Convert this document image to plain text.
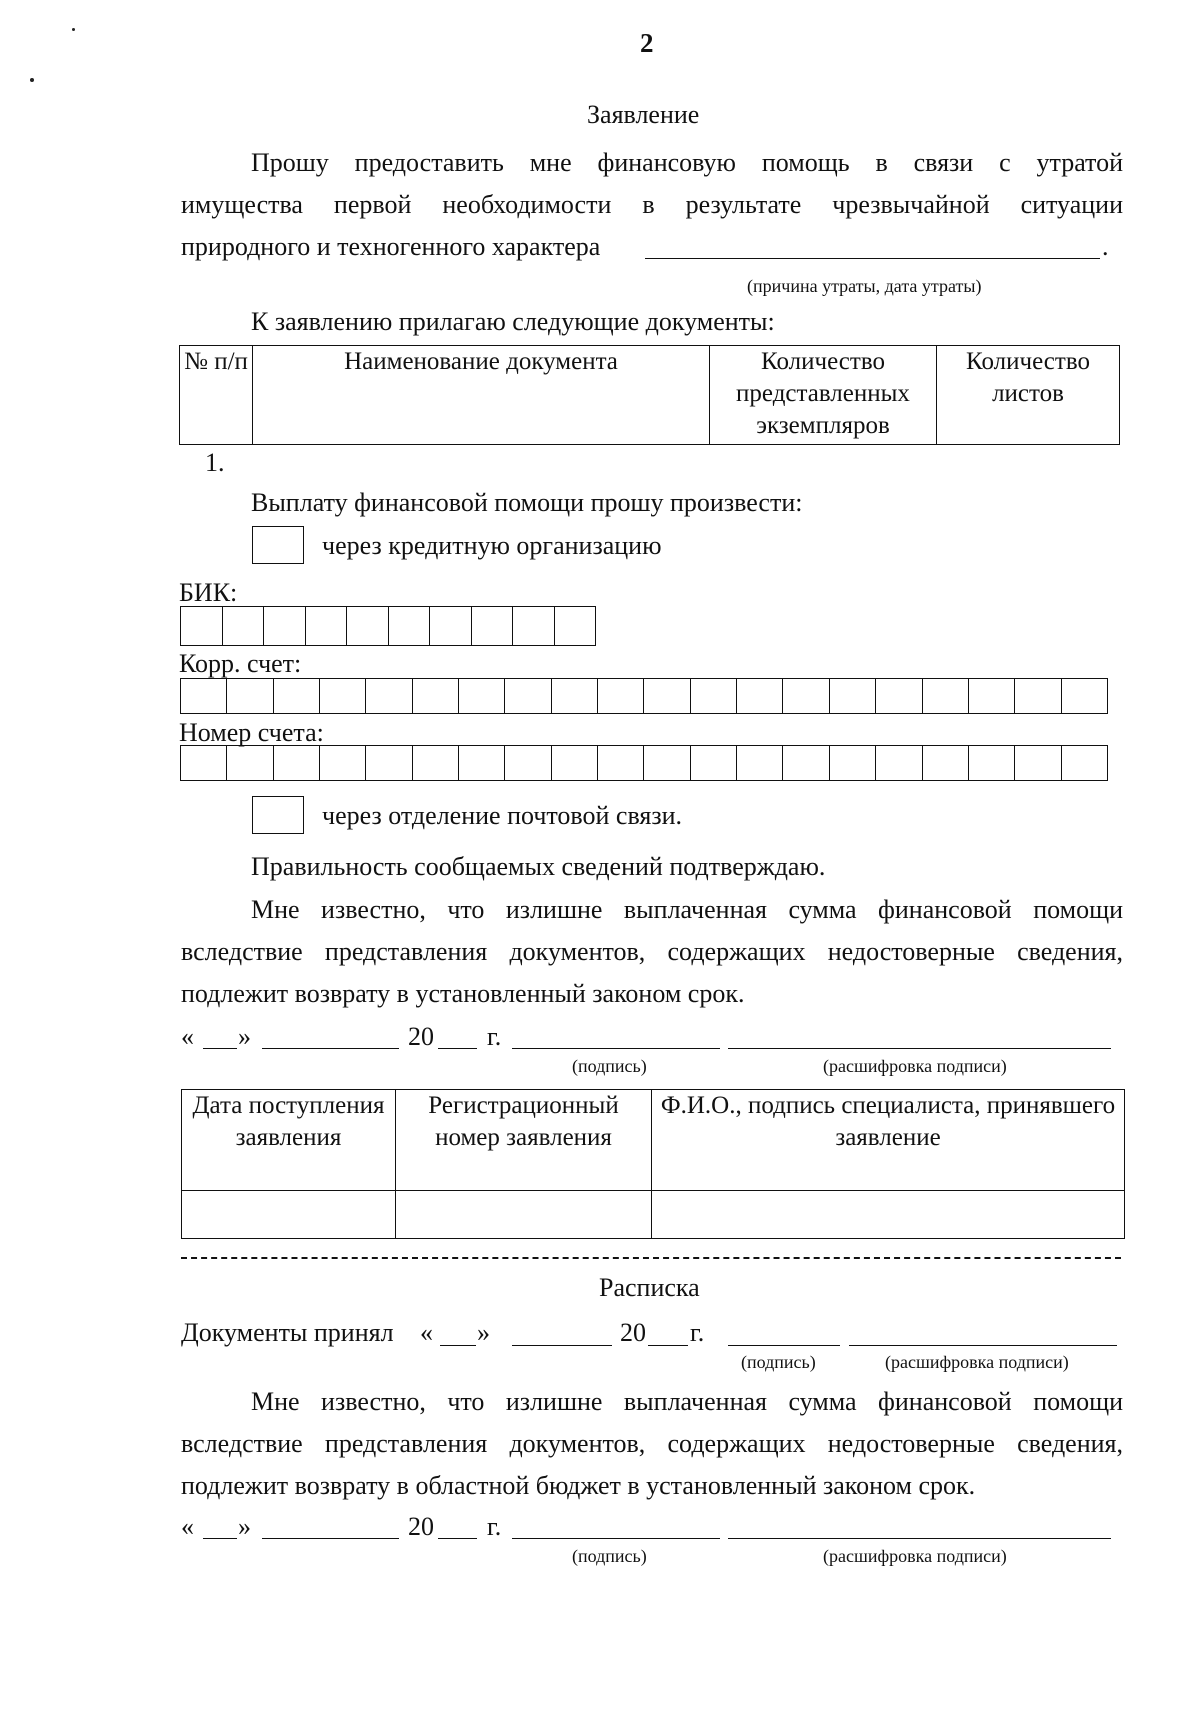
2
Заявление
Прошу предоставить мне финансовую помощь в связи с утратой
имущества первой необходимости в результате чрезвычайной ситуации
природного и техногенного характера	.
(причина утраты, дата утраты)
К заявлению прилагаю следующие документы:
№ п/п	Наименование документа	Количество представленных экземпляров	Количество листов
1.
Выплату финансовой помощи прошу произвести:
через кредитную организацию
БИК:

Корр. счет:

Номер счета:

через отделение почтовой связи.
Правильность сообщаемых сведений подтверждаю.
Мне известно, что излишне выплаченная сумма финансовой помощи
вследствие представления документов, содержащих недостоверные сведения,
подлежит возврату в установленный законом срок.
« »	20 г.
(подпись)	(расшифровка подписи)
Дата поступления заявления	Регистрационный номер заявления	Ф.И.О., подпись специалиста, принявшего заявление

Расписка
Документы принял « »	20 г.
(подпись)	(расшифровка подписи)
Мне известно, что излишне выплаченная сумма финансовой помощи
вследствие представления документов, содержащих недостоверные сведения,
подлежит возврату в областной бюджет в установленный законом срок.
« »	20 г.
(подпись)	(расшифровка подписи)
